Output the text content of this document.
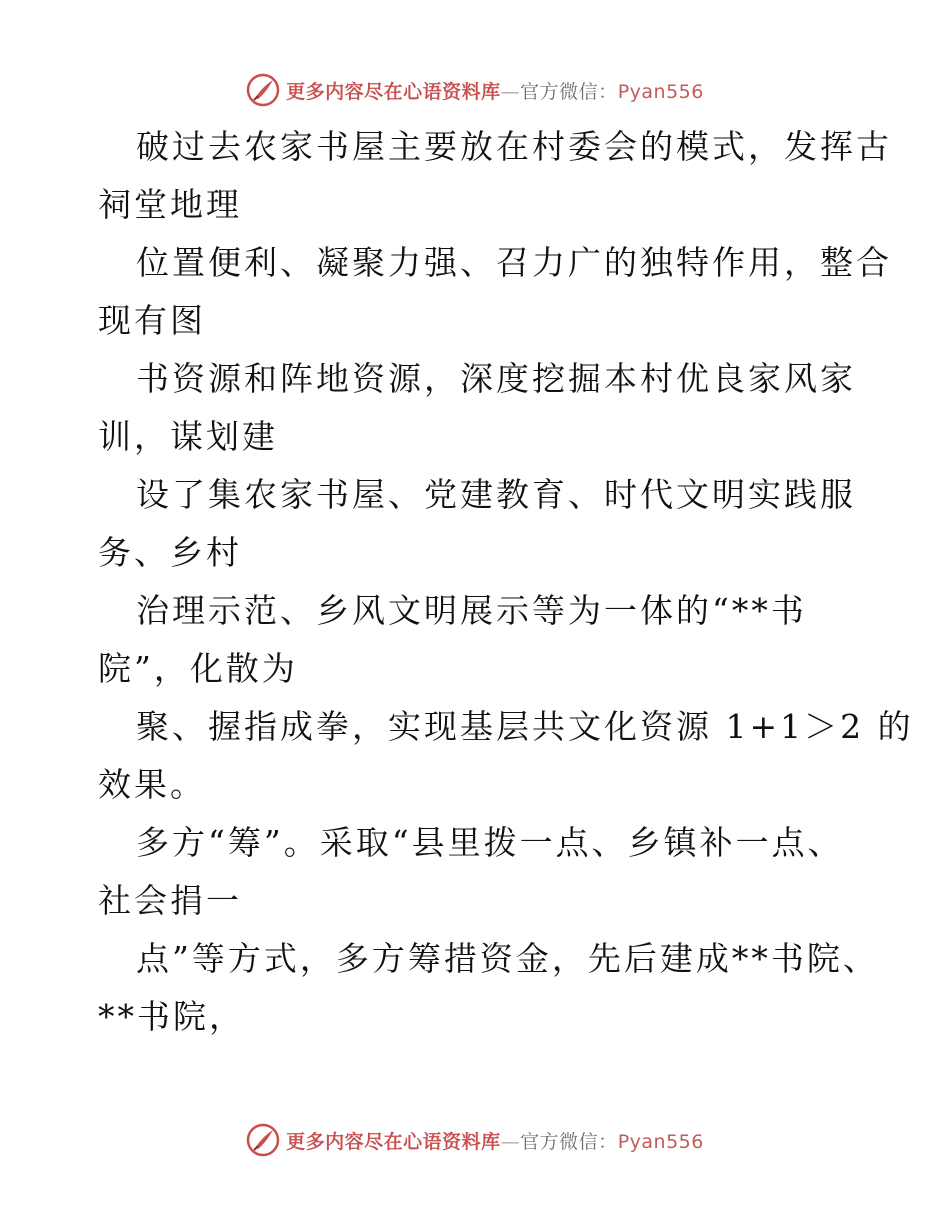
更多内容尽在心语资料库—官方微信：Pyan556

破过去农家书屋主要放在村委会的模式，发挥古
祠堂地理

位置便利、凝聚力强、召力广的独特作用，整合
现有图

书资源和阵地资源，深度挖掘本村优良家风家
训，谋划建

设了集农家书屋、党建教育、时代文明实践服
务、乡村

治理示范、乡风文明展示等为一体的“**书
院”，化散为

聚、握指成拳，实现基层共文化资源 1+1＞2 的
效果。

多方“筹”。采取“县里拨一点、乡镇补一点、
社会捐一

点”等方式，多方筹措资金，先后建成**书院、
**书院，

更多内容尽在心语资料库—官方微信：Pyan556
